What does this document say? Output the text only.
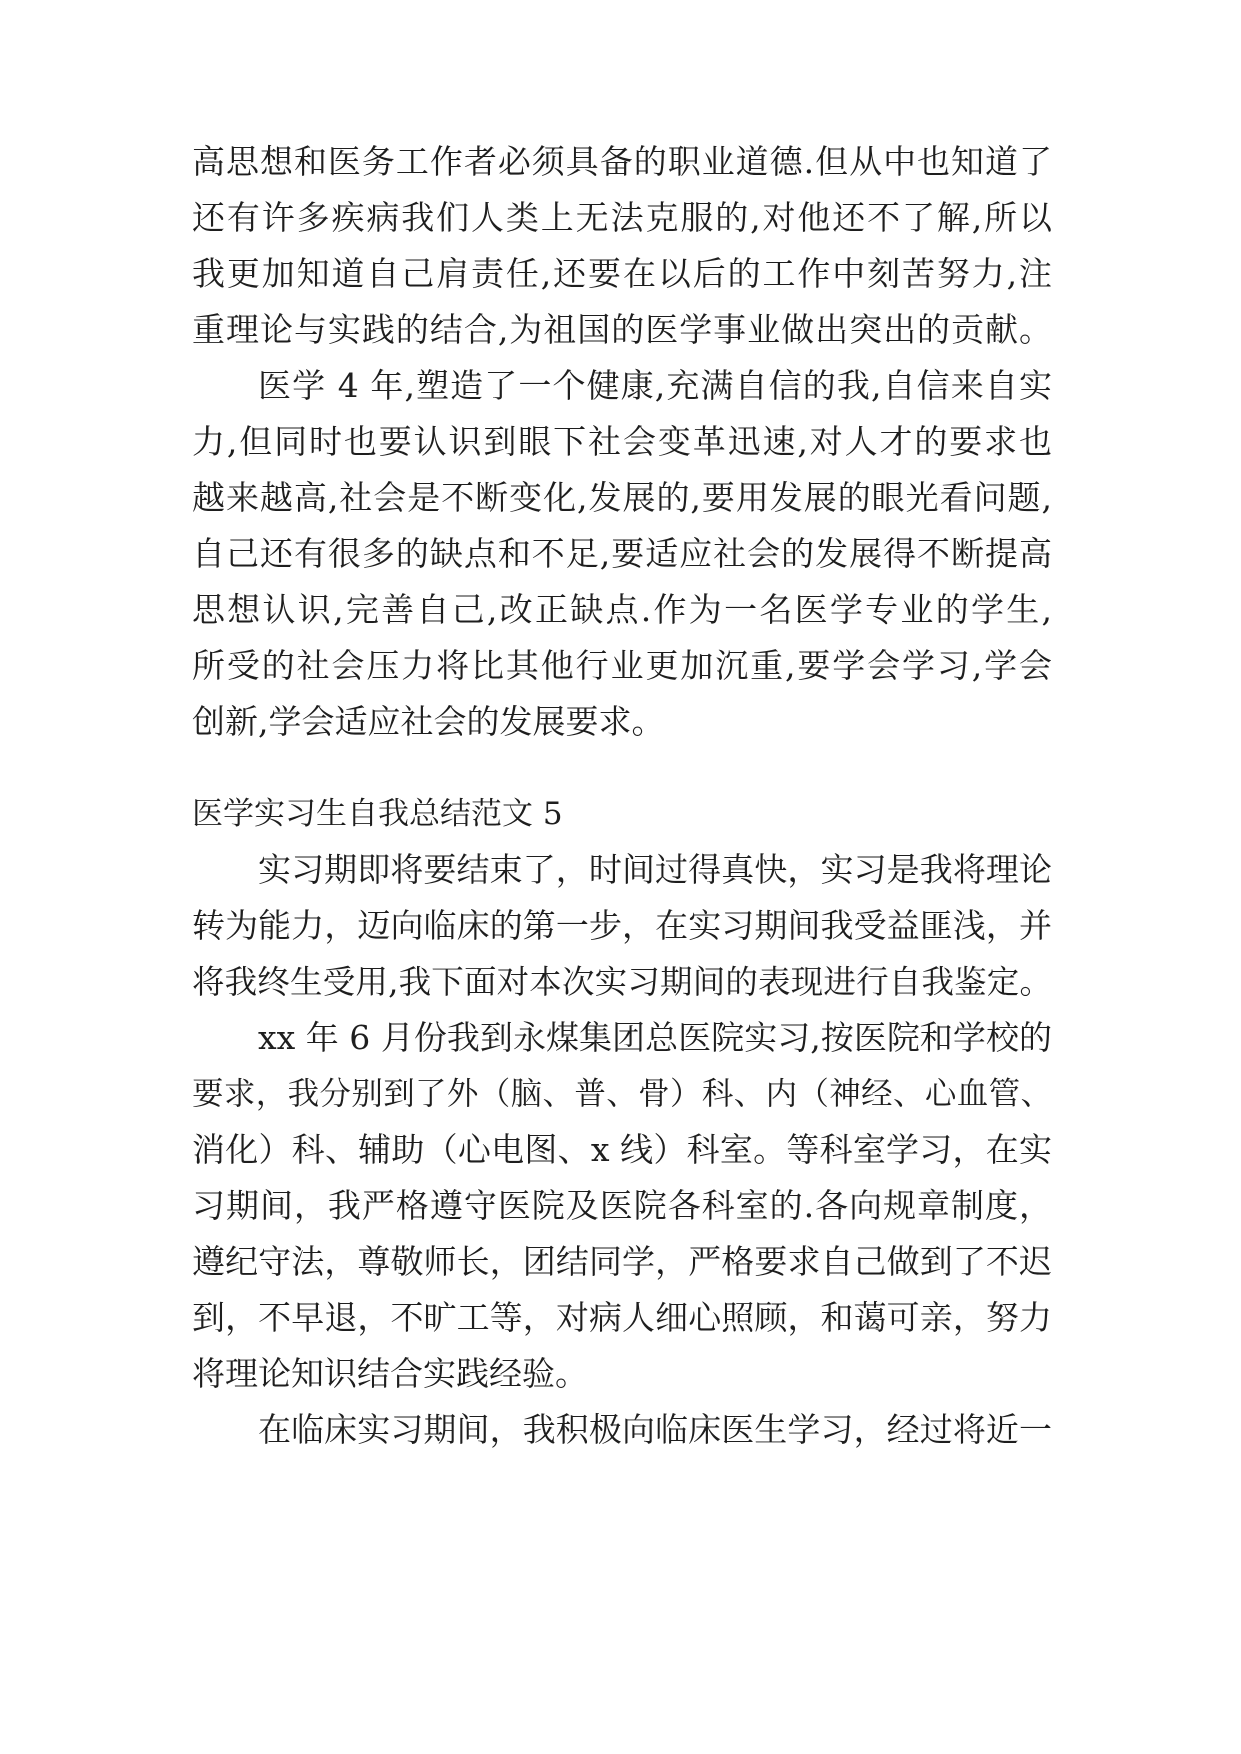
高思想和医务工作者必须具备的职业道德.但从中也知道了
还有许多疾病我们人类上无法克服的,对他还不了解,所以
我更加知道自己肩责任,还要在以后的工作中刻苦努力,注
重理论与实践的结合,为祖国的医学事业做出突出的贡献。
医学 4 年,塑造了一个健康,充满自信的我,自信来自实
力,但同时也要认识到眼下社会变革迅速,对人才的要求也
越来越高,社会是不断变化,发展的,要用发展的眼光看问题,
自己还有很多的缺点和不足,要适应社会的发展得不断提高
思想认识,完善自己,改正缺点.作为一名医学专业的学生,
所受的社会压力将比其他行业更加沉重,要学会学习,学会
创新,学会适应社会的发展要求。
医学实习生自我总结范文 5
实习期即将要结束了，时间过得真快，实习是我将理论
转为能力，迈向临床的第一步，在实习期间我受益匪浅，并
将我终生受用,我下面对本次实习期间的表现进行自我鉴定。
xx 年 6 月份我到永煤集团总医院实习,按医院和学校的
要求，我分别到了外（脑、普、骨）科、内（神经、心血管、
消化）科、辅助（心电图、x 线）科室。等科室学习，在实
习期间，我严格遵守医院及医院各科室的.各向规章制度，
遵纪守法，尊敬师长，团结同学，严格要求自己做到了不迟
到，不早退，不旷工等，对病人细心照顾，和蔼可亲，努力
将理论知识结合实践经验。
在临床实习期间，我积极向临床医生学习，经过将近一
